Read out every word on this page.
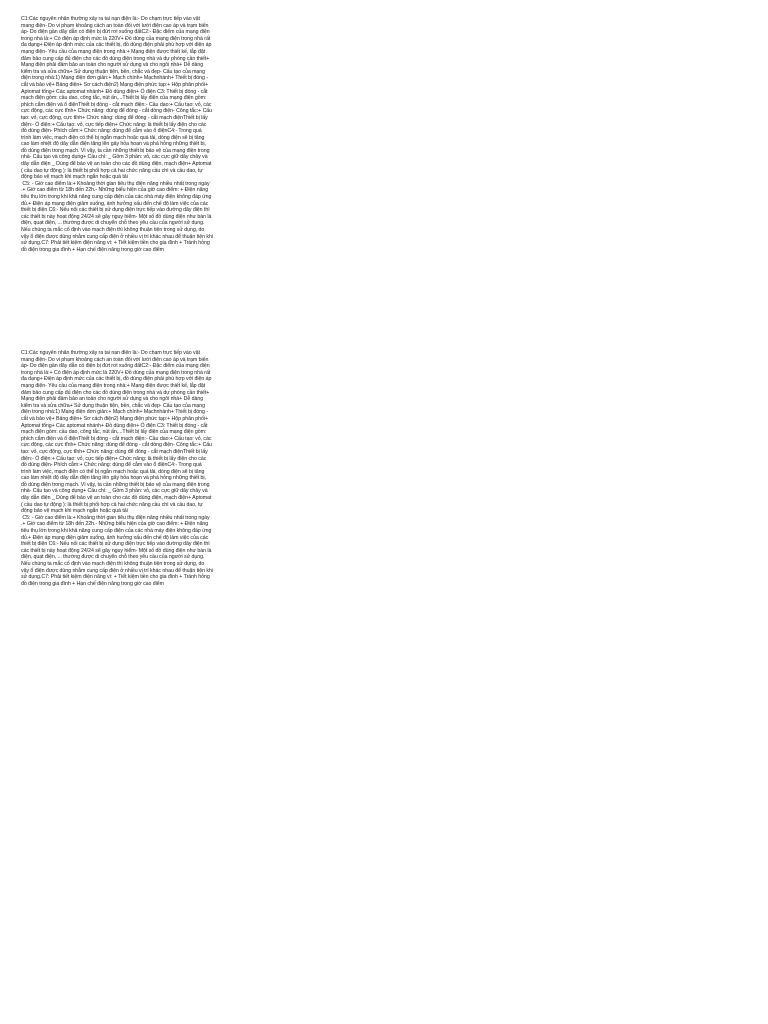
C1:Các nguyên nhân thường xảy ra tai nạn điện là:- Do chạm trực tiếp vào vật mang điện- Do vi phạm khoảng cách an toàn đối với lưới điện cao áp và trạm biến áp- Do điện gần dây dẫn có điện bị đứt rơi xuống đấtC2:- Đặc điểm của mạng điện trong nhà là:+ Có điện áp định mức là 220V+ Đồ dùng của mạng điện trong nhà rất đa dạng+ Điện áp định mức của các thiết bị, đồ dùng điện phải phù hợp với điện áp mạng điện- Yêu cầu của mạng điện trong nhà:+ Mạng điện được thiết kế, lắp đặt đảm bảo cung cấp đủ điện cho các đồ dùng điện trong nhà và dự phòng cần thiết+ Mạng điện phải đảm bảo an toàn cho người sử dụng và cho ngôi nhà+ Dễ dàng kiểm tra và sửa chữa+ Sử dụng thuận tiện, bền, chắc và đẹp- Cấu tạo của mạng điện trong nhà:1) Mạng điện đơn giản:+ Mạch chính+ Mạchnhánh+ Thiết bị đóng - cắt và bảo vệ+ Bảng điện+ Sơ cách điện2) Mạng điện phức tạp:+ Hộp phân phối+ Aptomat tổng+ Các aptomat nhánh+ Đồ dùng điện+ Ổ điện C3: Thiết bị đóng - cắt mạch điện gồm: cầu dao, công tắc, nút ấn,...Thiết bị lấy điện của mạng điện gồm: phích cắm điện và ổ điệnThiết bị đóng - cắt mạch điện:- Cầu dao:+ Cấu tạo: vỏ, các cực động, các cực tĩnh+ Chức năng: dùng để đóng - cắt dòng điện- Công tắc:+ Cấu tạo: vỏ, cực động, cực tĩnh+ Chức năng: dùng để đóng - cắt mạch điệnThiết bị lấy điện:- Ổ điện:+ Cấu tạo: vỏ, cực tiếp điện+ Chức năng: là thiết bị lấy điện cho các đồ dùng điện- Phích cắm:+ Chức năng: dùng để cắm vào ổ điệnC4:- Trong quá trình làm việc, mạch điện có thể bị ngắn mạch hoặc quá tải, dòng điện sẽ bị tăng cao làm nhiệt độ dây dẫn điện tăng lên gây hỏa hoạn và phá hỏng những thiết bị, đồ dùng điện trong mạch. Vì vậy, ta cần những thiết bị bảo vệ của mạng điện trong nhà- Cấu tạo và công dụng+ Cầu chì: _ Gồm 3 phần: vỏ, các cực giữ dây chảy và dây dẫn điện _ Dùng để bảo vệ an toàn cho các đồ dùng điện, mạch điện+ Aptomat ( cầu dao tự động ): là thiết bị phối hợp cả hai chức năng cầu chì và cầu dao, tự động bảo vệ mạch khi mạch ngắn hoặc quá tải
C5: - Giờ cao điểm là:+ Khoảng thời gian tiêu thụ điện năng nhiều nhất trong ngày .+ Giờ cao điểm từ 18h đến 22h.- Những biểu hiện của giờ cao điểm: + Điện năng tiêu thụ lớn trong khi khả năng cung cấp điện của các nhà máy điện không đáp ứng đủ.+ Điện áp mạng điện giảm xuống, ảnh hưởng xấu đến chế độ làm việc của các thiết bị điện C6:- Nếu nối các thiết bị sử dụng điện trực tiếp vào đường dây điện thì các thiết bị này hoạt động 24/24 sẽ gây nguy hiểm- Một số đồ dùng điện như bàn là điện, quạt điện, ... thường được di chuyển chỗ theo yêu cầu của người sử dụng. Nếu chúng ta mắc cố định vào mạch điện thì không thuận tiện trong sử dụng, do vậy ổ điện được dùng nhằm cung cấp điện ở nhiều vị trí khác nhau để thuận tiện khi sử dụng.C7: Phải tiết kiệm điện năng vì: + Tiết kiệm tiền cho gia đình + Tránh hỏng đồ điện trong gia đình + Hạn chế điện năng trong giờ cao điểm
C1:Các nguyên nhân thường xảy ra tai nạn điện là:- Do chạm trực tiếp vào vật mang điện- Do vi phạm khoảng cách an toàn đối với lưới điện cao áp và trạm biến áp- Do điện gần dây dẫn có điện bị đứt rơi xuống đấtC2:- Đặc điểm của mạng điện trong nhà là:+ Có điện áp định mức là 220V+ Đồ dùng của mạng điện trong nhà rất đa dạng+ Điện áp định mức của các thiết bị, đồ dùng điện phải phù hợp với điện áp mạng điện- Yêu cầu của mạng điện trong nhà:+ Mạng điện được thiết kế, lắp đặt đảm bảo cung cấp đủ điện cho các đồ dùng điện trong nhà và dự phòng cần thiết+ Mạng điện phải đảm bảo an toàn cho người sử dụng và cho ngôi nhà+ Dễ dàng kiểm tra và sửa chữa+ Sử dụng thuận tiện, bền, chắc và đẹp- Cấu tạo của mạng điện trong nhà:1) Mạng điện đơn giản:+ Mạch chính+ Mạchnhánh+ Thiết bị đóng - cắt và bảo vệ+ Bảng điện+ Sơ cách điện2) Mạng điện phức tạp:+ Hộp phân phối+ Aptomat tổng+ Các aptomat nhánh+ Đồ dùng điện+ Ổ điện C3: Thiết bị đóng - cắt mạch điện gồm: cầu dao, công tắc, nút ấn,...Thiết bị lấy điện của mạng điện gồm: phích cắm điện và ổ điệnThiết bị đóng - cắt mạch điện:- Cầu dao:+ Cấu tạo: vỏ, các cực động, các cực tĩnh+ Chức năng: dùng để đóng - cắt dòng điện- Công tắc:+ Cấu tạo: vỏ, cực động, cực tĩnh+ Chức năng: dùng để đóng - cắt mạch điệnThiết bị lấy điện:- Ổ điện:+ Cấu tạo: vỏ, cực tiếp điện+ Chức năng: là thiết bị lấy điện cho các đồ dùng điện- Phích cắm:+ Chức năng: dùng để cắm vào ổ điệnC4:- Trong quá trình làm việc, mạch điện có thể bị ngắn mạch hoặc quá tải, dòng điện sẽ bị tăng cao làm nhiệt độ dây dẫn điện tăng lên gây hỏa hoạn và phá hỏng những thiết bị, đồ dùng điện trong mạch. Vì vậy, ta cần những thiết bị bảo vệ của mạng điện trong nhà- Cấu tạo và công dụng+ Cầu chì: _ Gồm 3 phần: vỏ, các cực giữ dây chảy và dây dẫn điện _ Dùng để bảo vệ an toàn cho các đồ dùng điện, mạch điện+ Aptomat ( cầu dao tự động ): là thiết bị phối hợp cả hai chức năng cầu chì và cầu dao, tự động bảo vệ mạch khi mạch ngắn hoặc quá tải
C5: - Giờ cao điểm là:+ Khoảng thời gian tiêu thụ điện năng nhiều nhất trong ngày .+ Giờ cao điểm từ 18h đến 22h.- Những biểu hiện của giờ cao điểm: + Điện năng tiêu thụ lớn trong khi khả năng cung cấp điện của các nhà máy điện không đáp ứng đủ.+ Điện áp mạng điện giảm xuống, ảnh hưởng xấu đến chế độ làm việc của các thiết bị điện C6:- Nếu nối các thiết bị sử dụng điện trực tiếp vào đường dây điện thì các thiết bị này hoạt động 24/24 sẽ gây nguy hiểm- Một số đồ dùng điện như bàn là điện, quạt điện, ... thường được di chuyển chỗ theo yêu cầu của người sử dụng. Nếu chúng ta mắc cố định vào mạch điện thì không thuận tiện trong sử dụng, do vậy ổ điện được dùng nhằm cung cấp điện ở nhiều vị trí khác nhau để thuận tiện khi sử dụng.C7: Phải tiết kiệm điện năng vì: + Tiết kiệm tiền cho gia đình + Tránh hỏng đồ điện trong gia đình + Hạn chế điện năng trong giờ cao điểm
